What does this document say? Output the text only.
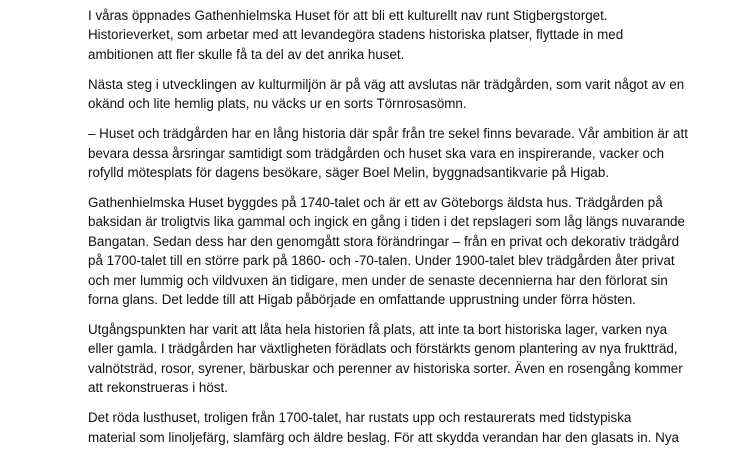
I våras öppnades Gathenhielmska Huset för att bli ett kulturellt nav runt Stigbergstorget.
Historieverket, som arbetar med att levandegöra stadens historiska platser, flyttade in med
ambitionen att fler skulle få ta del av det anrika huset.

Nästa steg i utvecklingen av kulturmiljön är på väg att avslutas när trädgården, som varit något av en
okänd och lite hemlig plats, nu väcks ur en sorts Törnrosasömn.

– Huset och trädgården har en lång historia där spår från tre sekel finns bevarade. Vår ambition är att
bevara dessa årsringar samtidigt som trädgården och huset ska vara en inspirerande, vacker och
rofylld mötesplats för dagens besökare, säger Boel Melin, byggnadsantikvarie på Higab.

Gathenhielmska Huset byggdes på 1740-talet och är ett av Göteborgs äldsta hus. Trädgården på
baksidan är troligtvis lika gammal och ingick en gång i tiden i det repslageri som låg längs nuvarande
Bangatan. Sedan dess har den genomgått stora förändringar – från en privat och dekorativ trädgård
på 1700-talet till en större park på 1860- och -70-talen. Under 1900-talet blev trädgården åter privat
och mer lummig och vildvuxen än tidigare, men under de senaste decennierna har den förlorat sin
forna glans. Det ledde till att Higab påbörjade en omfattande upprustning under förra hösten.

Utgångspunkten har varit att låta hela historien få plats, att inte ta bort historiska lager, varken nya
eller gamla. I trädgården har växtligheten förädlats och förstärkts genom plantering av nya fruktträd,
valnötsträd, rosor, syrener, bärbuskar och perenner av historiska sorter. Även en rosengång kommer
att rekonstrueras i höst.

Det röda lusthuset, troligen från 1700-talet, har rustats upp och restaurerats med tidstypiska
material som linoljefärg, slamfärg och äldre beslag. För att skydda verandan har den glasats in. Nya
